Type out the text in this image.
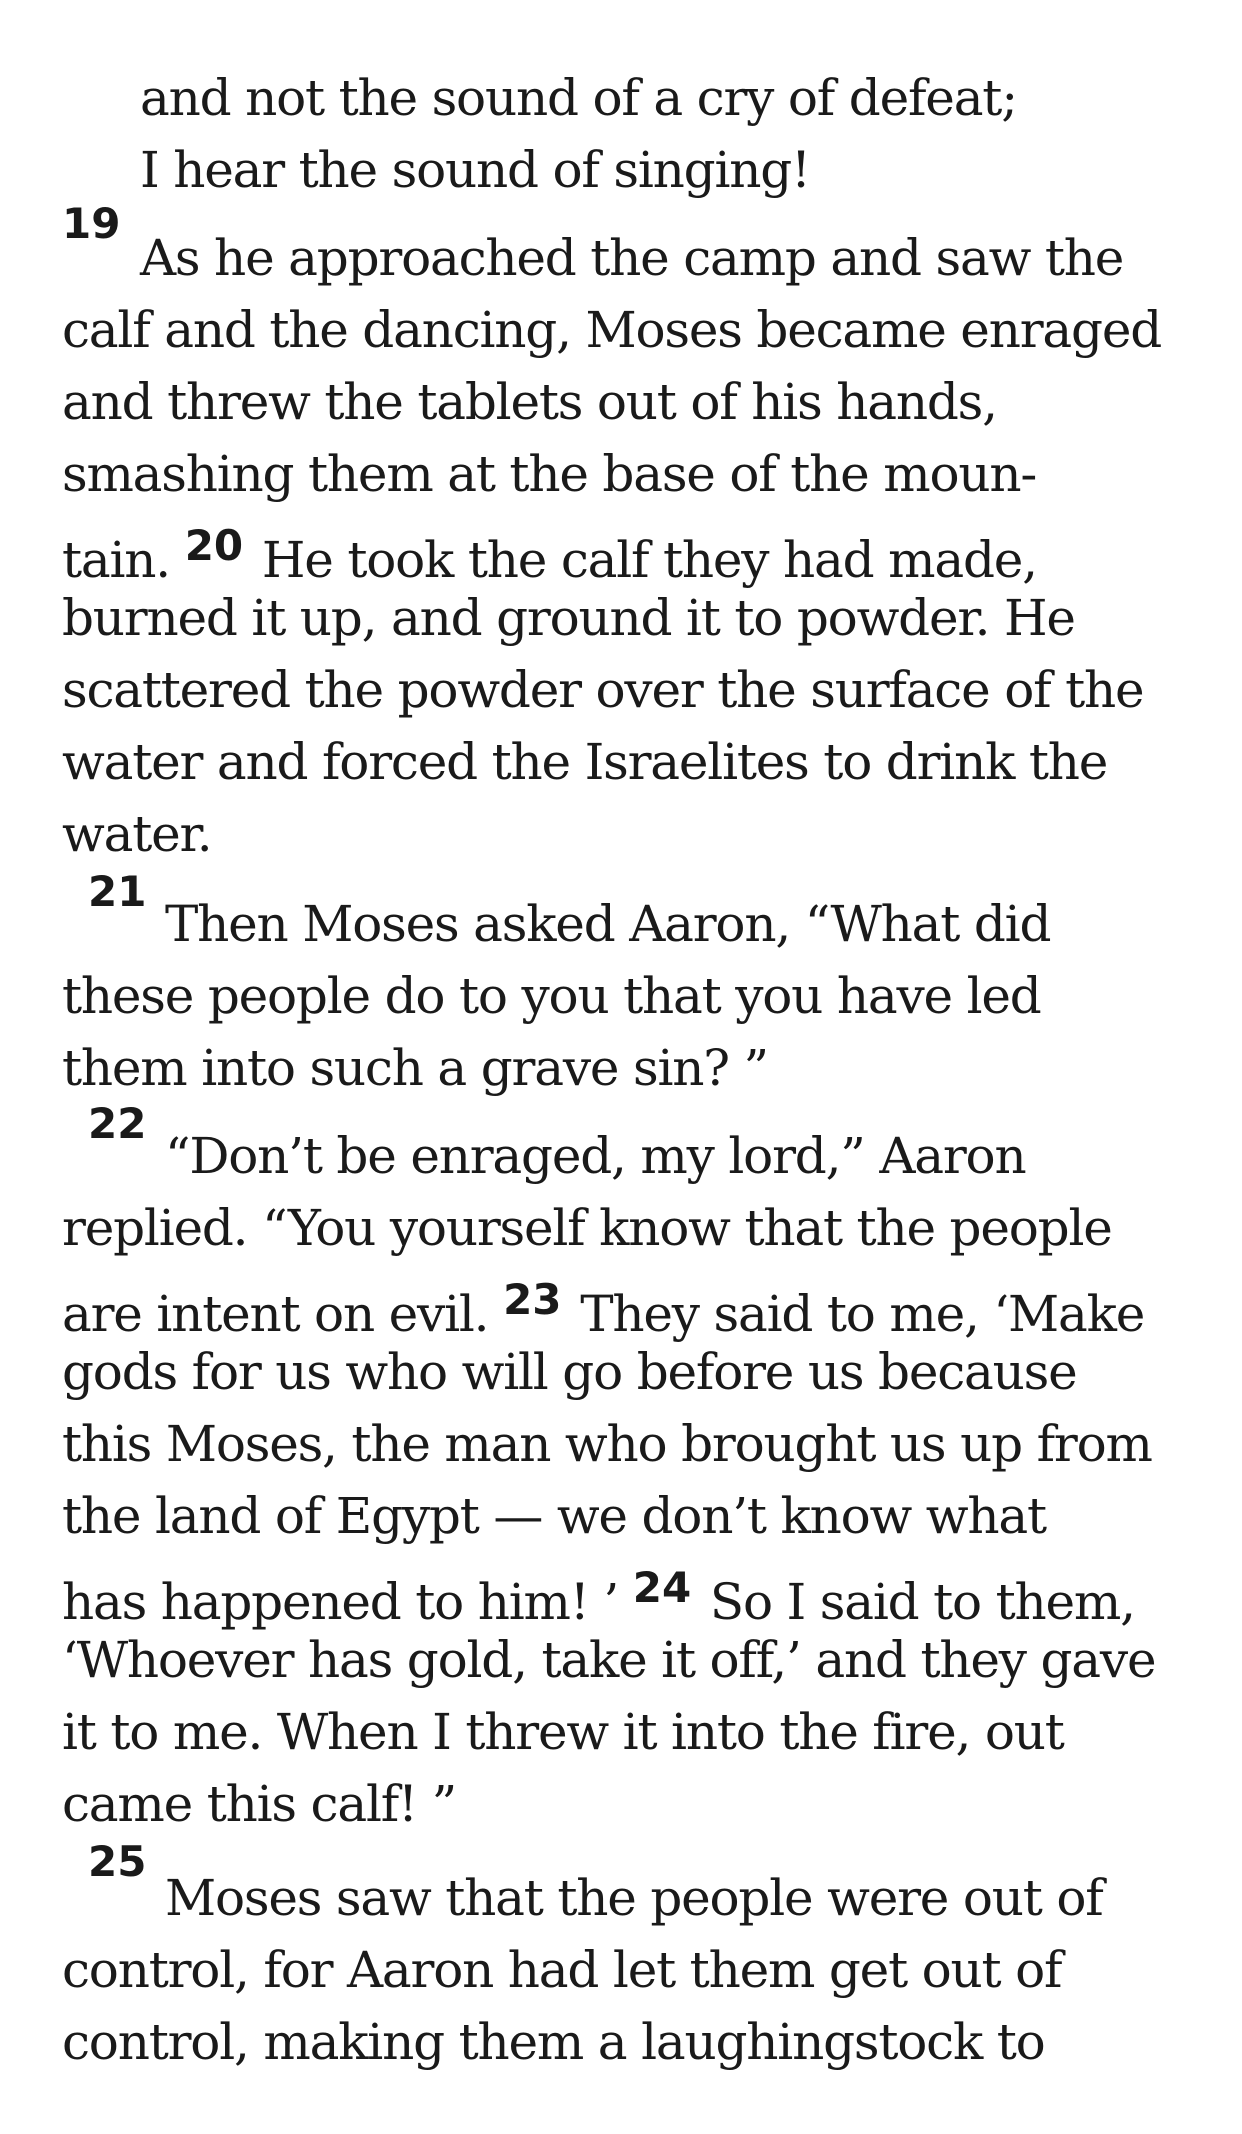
and not the sound of a cry of defeat;
I hear the sound of singing!
19
As he approached the camp and saw the
calf and the dancing, Moses became enraged
and threw the tablets out of his hands,
smashing them at the base of the moun-
tain. $^{20}$ He took the calf they had made,
burned it up, and ground it to powder. He
scattered the powder over the surface of the
water and forced the Israelites to drink the
water.
21
Then Moses asked Aaron, “What did
these people do to you that you have led
them into such a grave sin? ”
22
“Don’t be enraged, my lord,” Aaron
replied. “You yourself know that the people
are intent on evil. $^{23}$ They said to me, ‘Make
gods for us who will go before us because
this Moses, the man who brought us up from
the land of Egypt — we don’t know what
has happened to him! ’ $^{24}$ So I said to them,
‘Whoever has gold, take it off,’ and they gave
it to me. When I threw it into the fire, out
came this calf! ”
25
Moses saw that the people were out of
control, for Aaron had let them get out of
control, making them a laughingstock to
